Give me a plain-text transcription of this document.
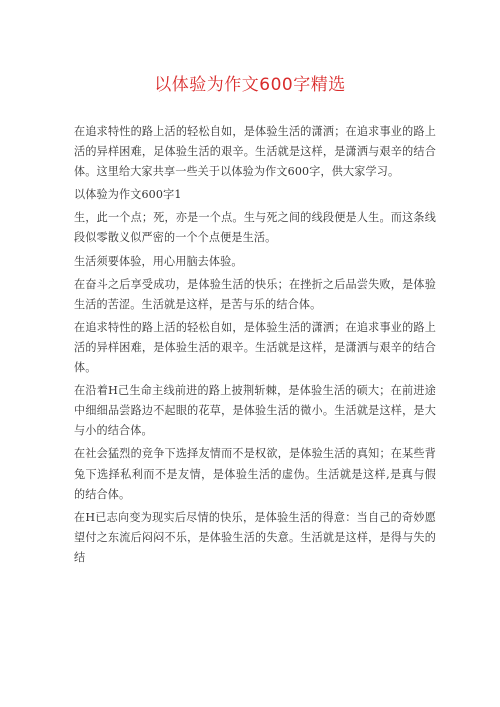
以体验为作文600字精选

在追求特性的路上活的轻松自如，是体验生活的潇洒；在追求事业的路上活的异样困难，足体验生活的艰辛。生活就是这样，是潇洒与艰辛的结合体。这里给大家共享一些关于以体验为作文600字，供大家学习。

以体验为作文600字1

生，此一个点；死，亦是一个点。生与死之间的线段便是人生。而这条线段似零散义似严密的一个个点便是生活。

生活须要体验，用心用脑去体验。

在奋斗之后享受成功，是体验生活的快乐；在挫折之后品尝失败，是体验生活的苦涩。生活就是这样，是苦与乐的结合体。

在追求特性的路上活的轻松自如，是体验生活的潇洒；在追求事业的路上活的异样困难，是体验生活的艰辛。生活就是这样，是潇洒与艰辛的结合体。

在沿着H己生命主线前进的路上披荆斩棘，是体验生活的硕大；在前进途中细细品尝路边不起眼的花草，是体验生活的微小。生活就是这样，是大与小的结合体。

在社会猛烈的竞争下选择友情而不是权欲，是体验生活的真知；在某些背兔下选择私利而不是友情，是体验生活的虚伪。生活就是这样,是真与假的结合体。

在H已志向变为现实后尽情的快乐，是体验生活的得意：当自己的奇妙愿望付之东流后闷闷不乐，是体验生活的失意。生活就是这样，是得与失的结
